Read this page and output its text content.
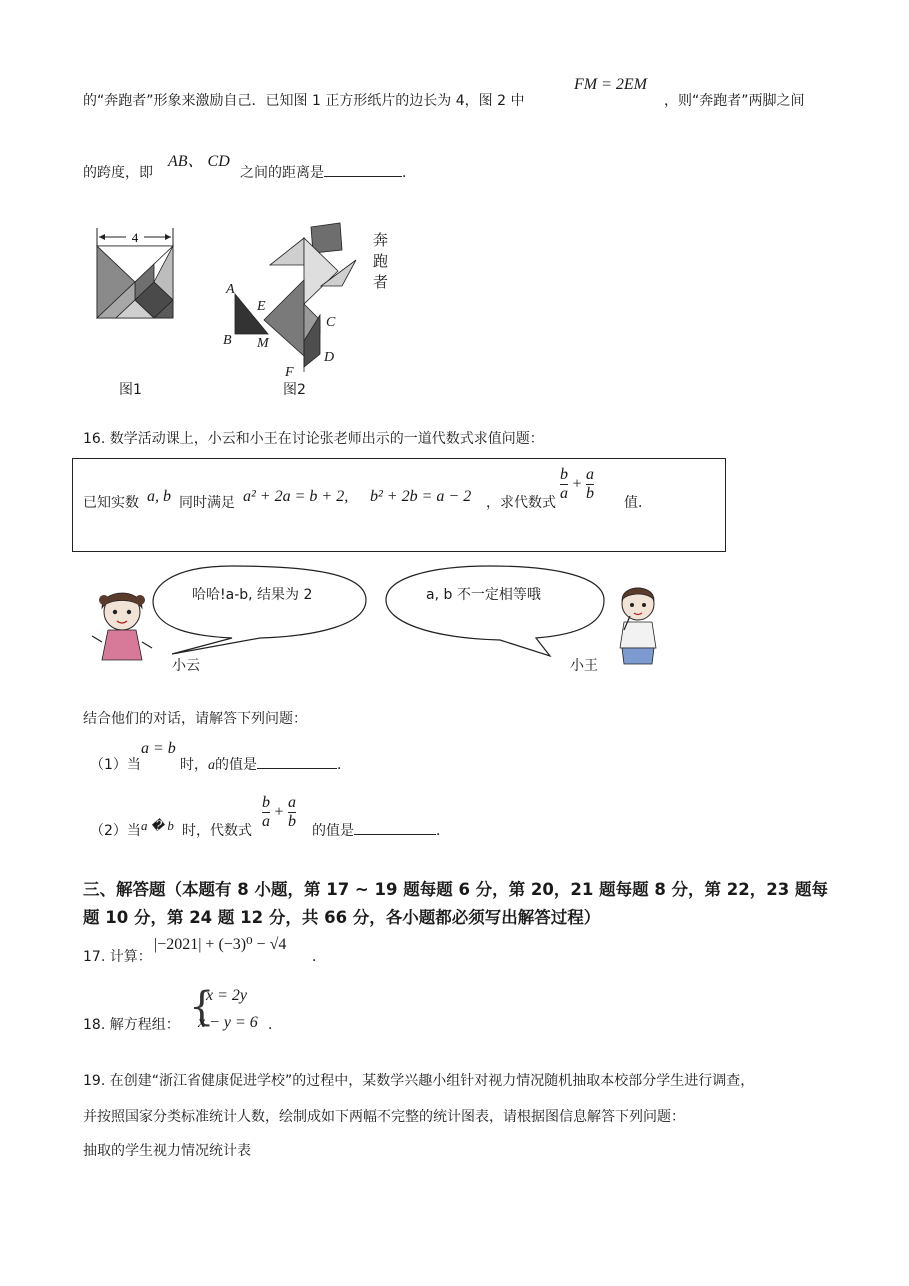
的“奔跑者”形象来激励自己．已知图 1 正方形纸片的边长为 4，图 2 中
FM = 2EM
，则“奔跑者”两脚之间
的跨度，即
AB、 CD
之间的距离是	．
4
图1
A
E
B M
C
D
F
奔
跑
者
图2
16. 数学活动课上，小云和小王在讨论张老师出示的一道代数式求值问题：
已知实数 a, b 同时满足 a² + 2a = b + 2, b² + 2b = a − 2 ，求代数式 $\frac{b}{a} + \frac{a}{b}$ 值．
哈哈!a-b, 结果为 2	a, b 不一定相等哦
小云	小王
结合他们的对话，请解答下列问题：
（1）当
a = b
时，a的值是	．
（2）当 a � b 时，代数式 $\frac{b}{a} + \frac{a}{b}$ 的值是	．
三、解答题（本题有 8 小题，第 17 ~ 19 题每题 6 分，第 20，21 题每题 8 分，第 22，23 题每
题 10 分，第 24 题 12 分，共 66 分，各小题都必须写出解答过程）
17. 计算：
|−2021| + (−3)⁰ − √4
．
18. 解方程组： {
x = 2y
x − y = 6 ．
19. 在创建“浙江省健康促进学校”的过程中，某数学兴趣小组针对视力情况随机抽取本校部分学生进行调查，
并按照国家分类标准统计人数，绘制成如下两幅不完整的统计图表，请根据图信息解答下列问题：
抽取的学生视力情况统计表
